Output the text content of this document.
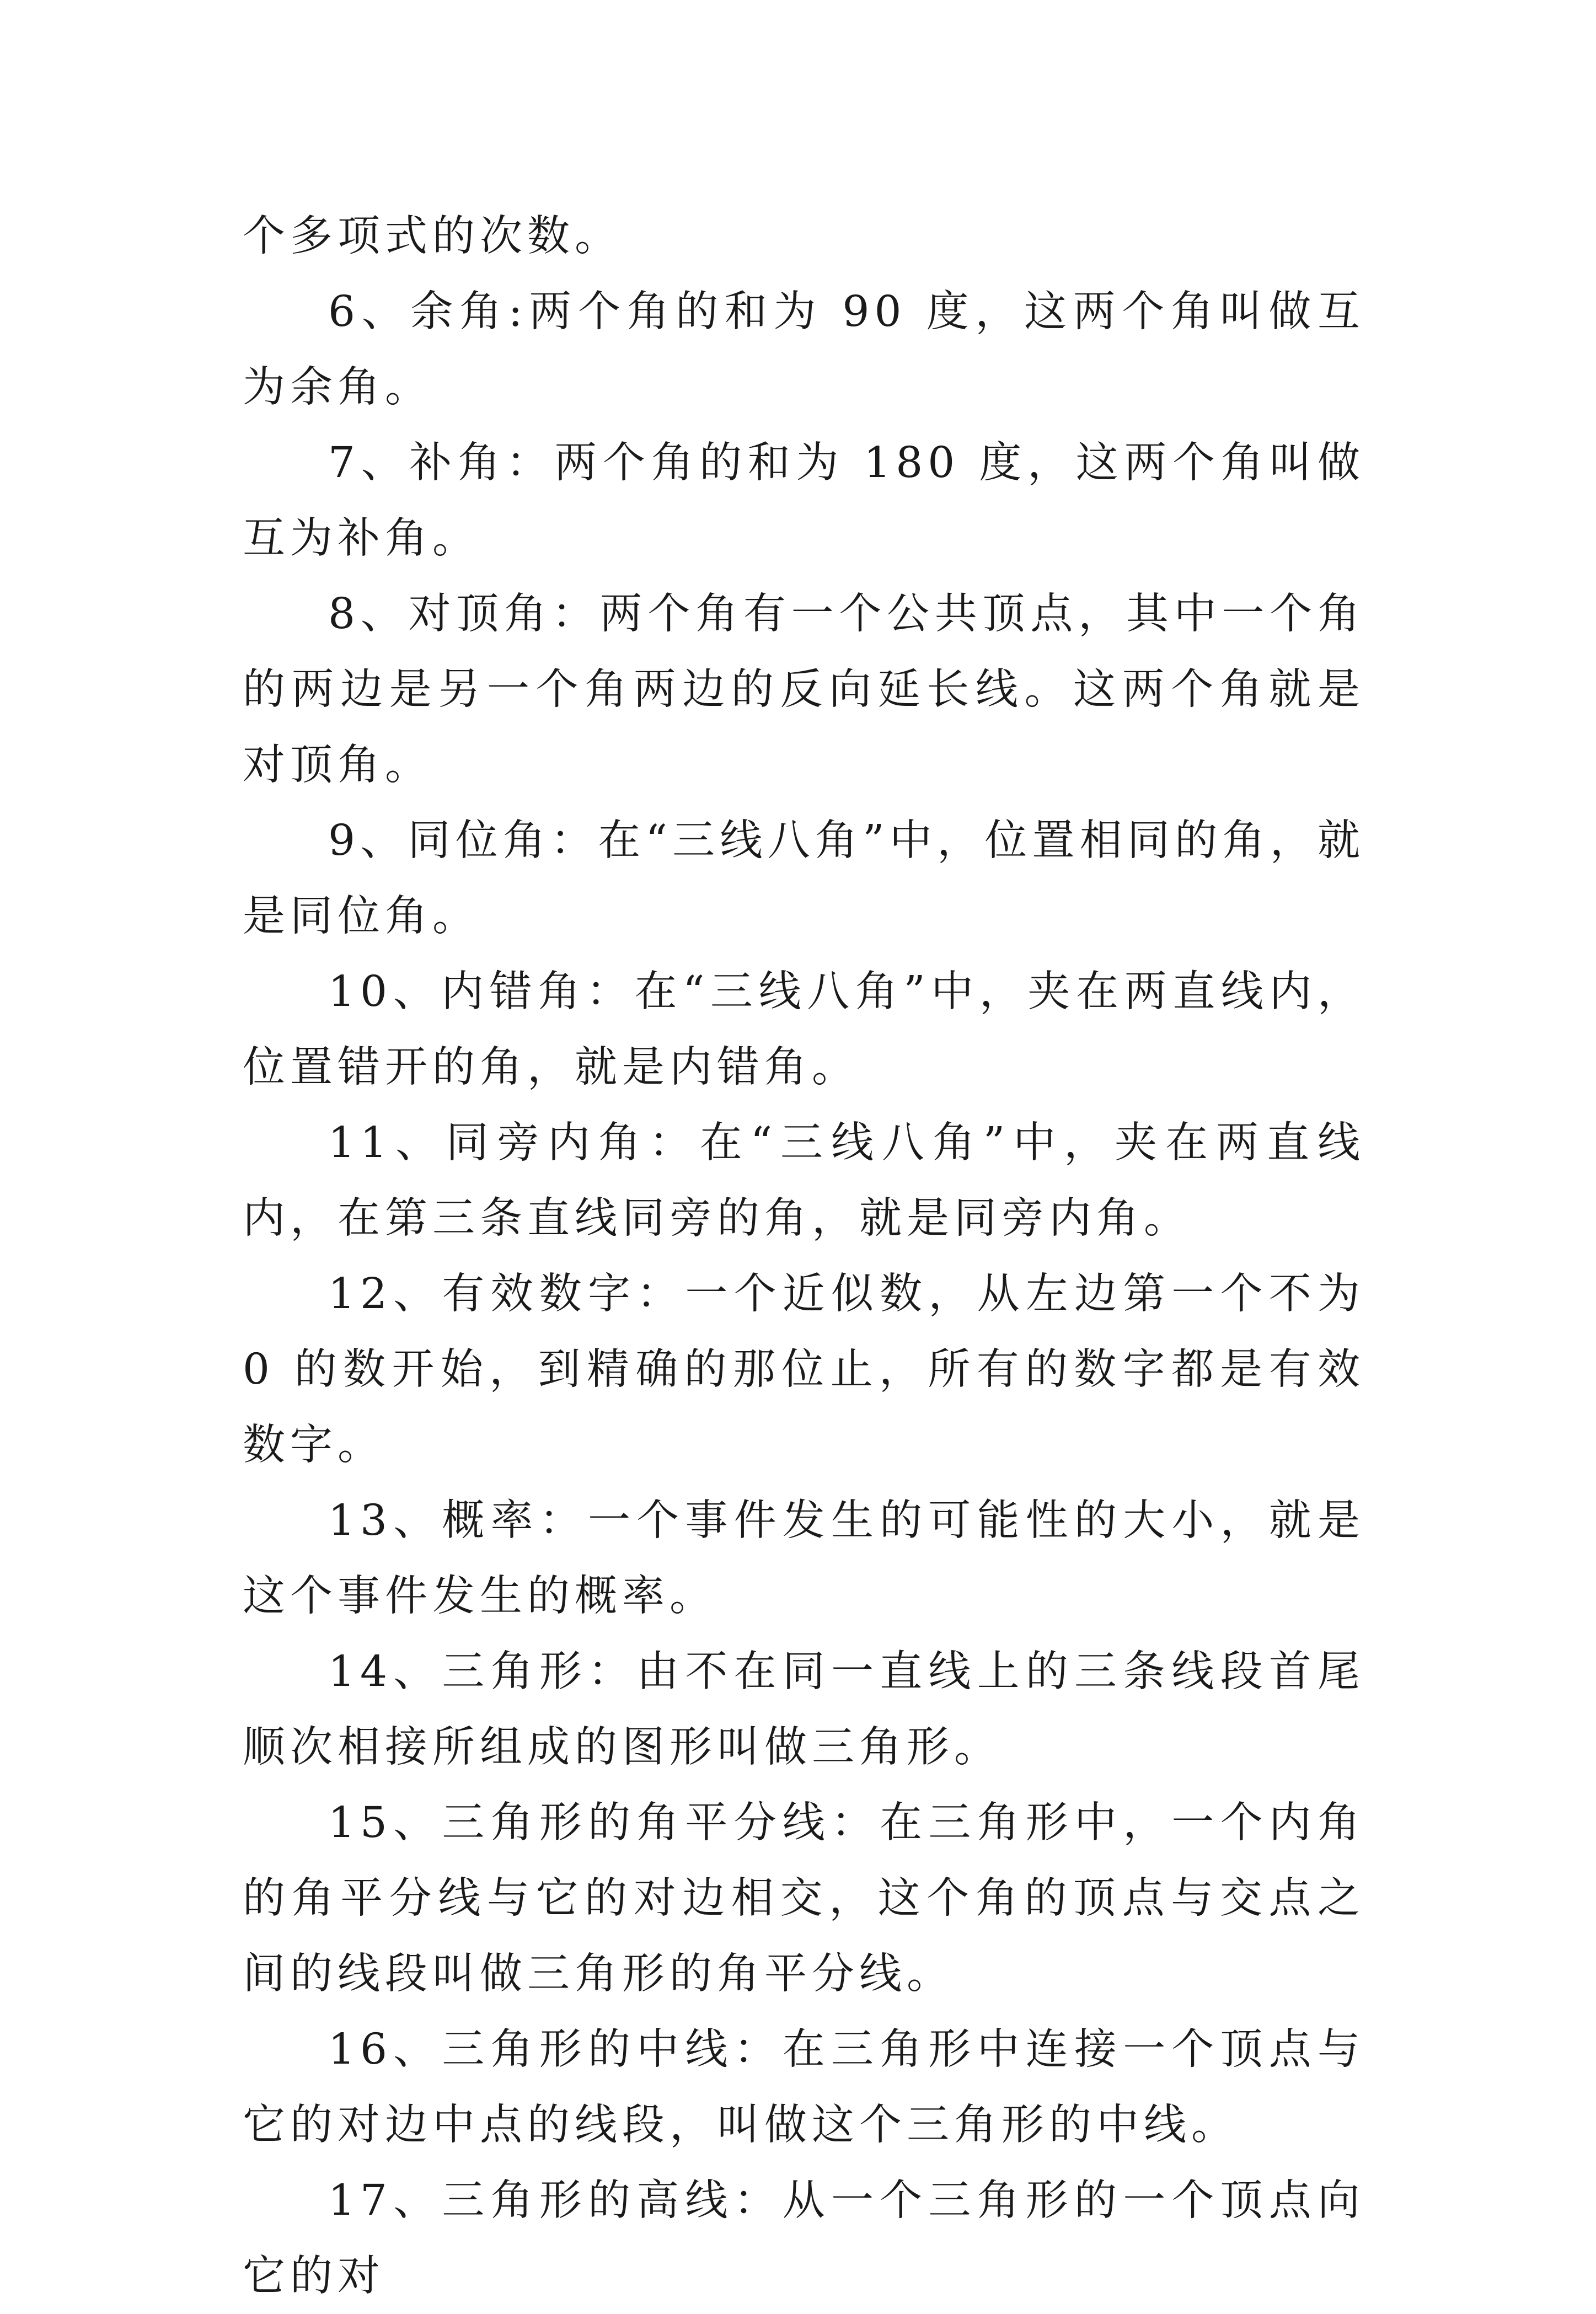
个多项式的次数。

6、余角:两个角的和为 90 度，这两个角叫做互为余角。

7、补角：两个角的和为 180 度，这两个角叫做互为补角。

8、对顶角：两个角有一个公共顶点，其中一个角的两边是另一个角两边的反向延长线。这两个角就是对顶角。

9、同位角：在“三线八角”中，位置相同的角，就是同位角。

10、内错角：在“三线八角”中，夹在两直线内，位置错开的角，就是内错角。

11、同旁内角：在“三线八角”中，夹在两直线内，在第三条直线同旁的角，就是同旁内角。

12、有效数字：一个近似数，从左边第一个不为 0 的数开始，到精确的那位止，所有的数字都是有效数字。

13、概率：一个事件发生的可能性的大小，就是这个事件发生的概率。

14、三角形：由不在同一直线上的三条线段首尾顺次相接所组成的图形叫做三角形。

15、三角形的角平分线：在三角形中，一个内角的角平分线与它的对边相交，这个角的顶点与交点之间的线段叫做三角形的角平分线。

16、三角形的中线：在三角形中连接一个顶点与它的对边中点的线段，叫做这个三角形的中线。

17、三角形的高线：从一个三角形的一个顶点向它的对
